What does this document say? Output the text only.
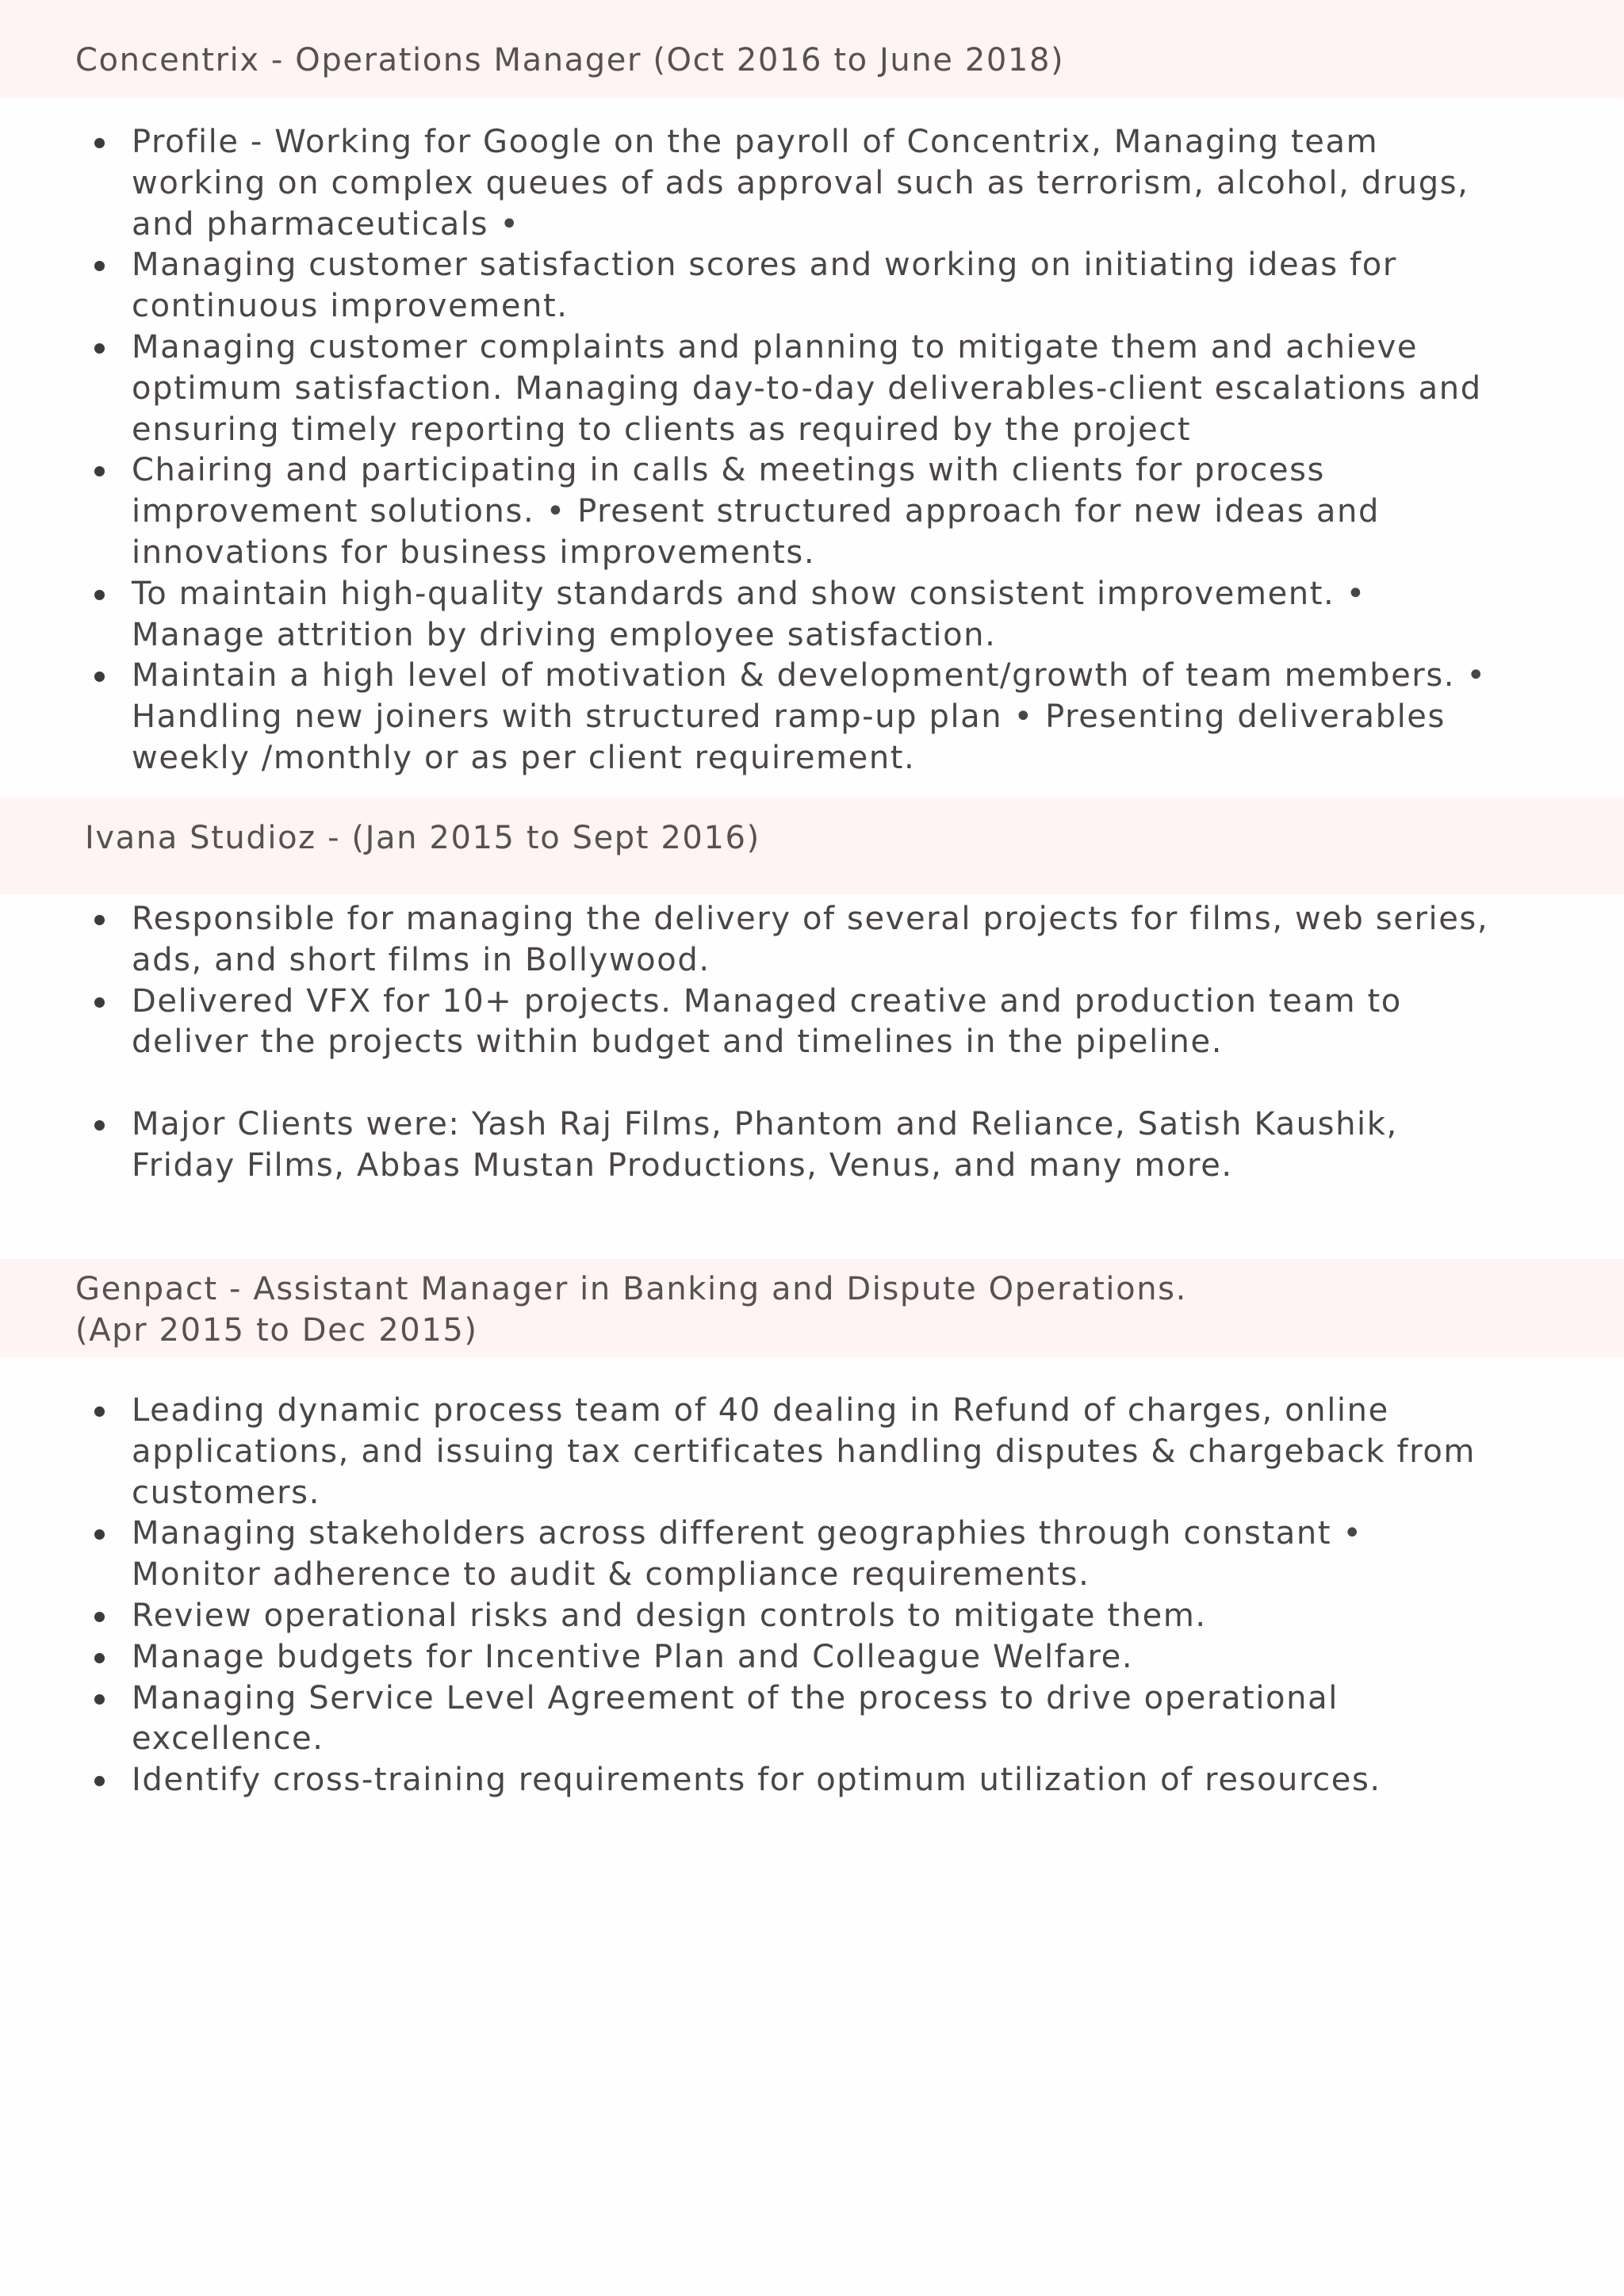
Concentrix - Operations Manager (Oct 2016 to June 2018)
Profile - Working for Google on the payroll of Concentrix, Managing team
working on complex queues of ads approval such as terrorism, alcohol, drugs,
and pharmaceuticals •
Managing customer satisfaction scores and working on initiating ideas for
continuous improvement.
Managing customer complaints and planning to mitigate them and achieve
optimum satisfaction. Managing day-to-day deliverables-client escalations and
ensuring timely reporting to clients as required by the project
Chairing and participating in calls & meetings with clients for process
improvement solutions. • Present structured approach for new ideas and
innovations for business improvements.
To maintain high-quality standards and show consistent improvement. •
Manage attrition by driving employee satisfaction.
Maintain a high level of motivation & development/growth of team members. •
Handling new joiners with structured ramp-up plan • Presenting deliverables
weekly /monthly or as per client requirement.
Ivana Studioz - (Jan 2015 to Sept 2016)
Responsible for managing the delivery of several projects for films, web series,
ads, and short films in Bollywood.
Delivered VFX for 10+ projects. Managed creative and production team to
deliver the projects within budget and timelines in the pipeline.
Major Clients were: Yash Raj Films, Phantom and Reliance, Satish Kaushik,
Friday Films, Abbas Mustan Productions, Venus, and many more.
Genpact - Assistant Manager in Banking and Dispute Operations.
(Apr 2015 to Dec 2015)
Leading dynamic process team of 40 dealing in Refund of charges, online
applications, and issuing tax certificates handling disputes & chargeback from
customers.
Managing stakeholders across different geographies through constant •
Monitor adherence to audit & compliance requirements.
Review operational risks and design controls to mitigate them.
Manage budgets for Incentive Plan and Colleague Welfare.
Managing Service Level Agreement of the process to drive operational
excellence.
Identify cross-training requirements for optimum utilization of resources.
